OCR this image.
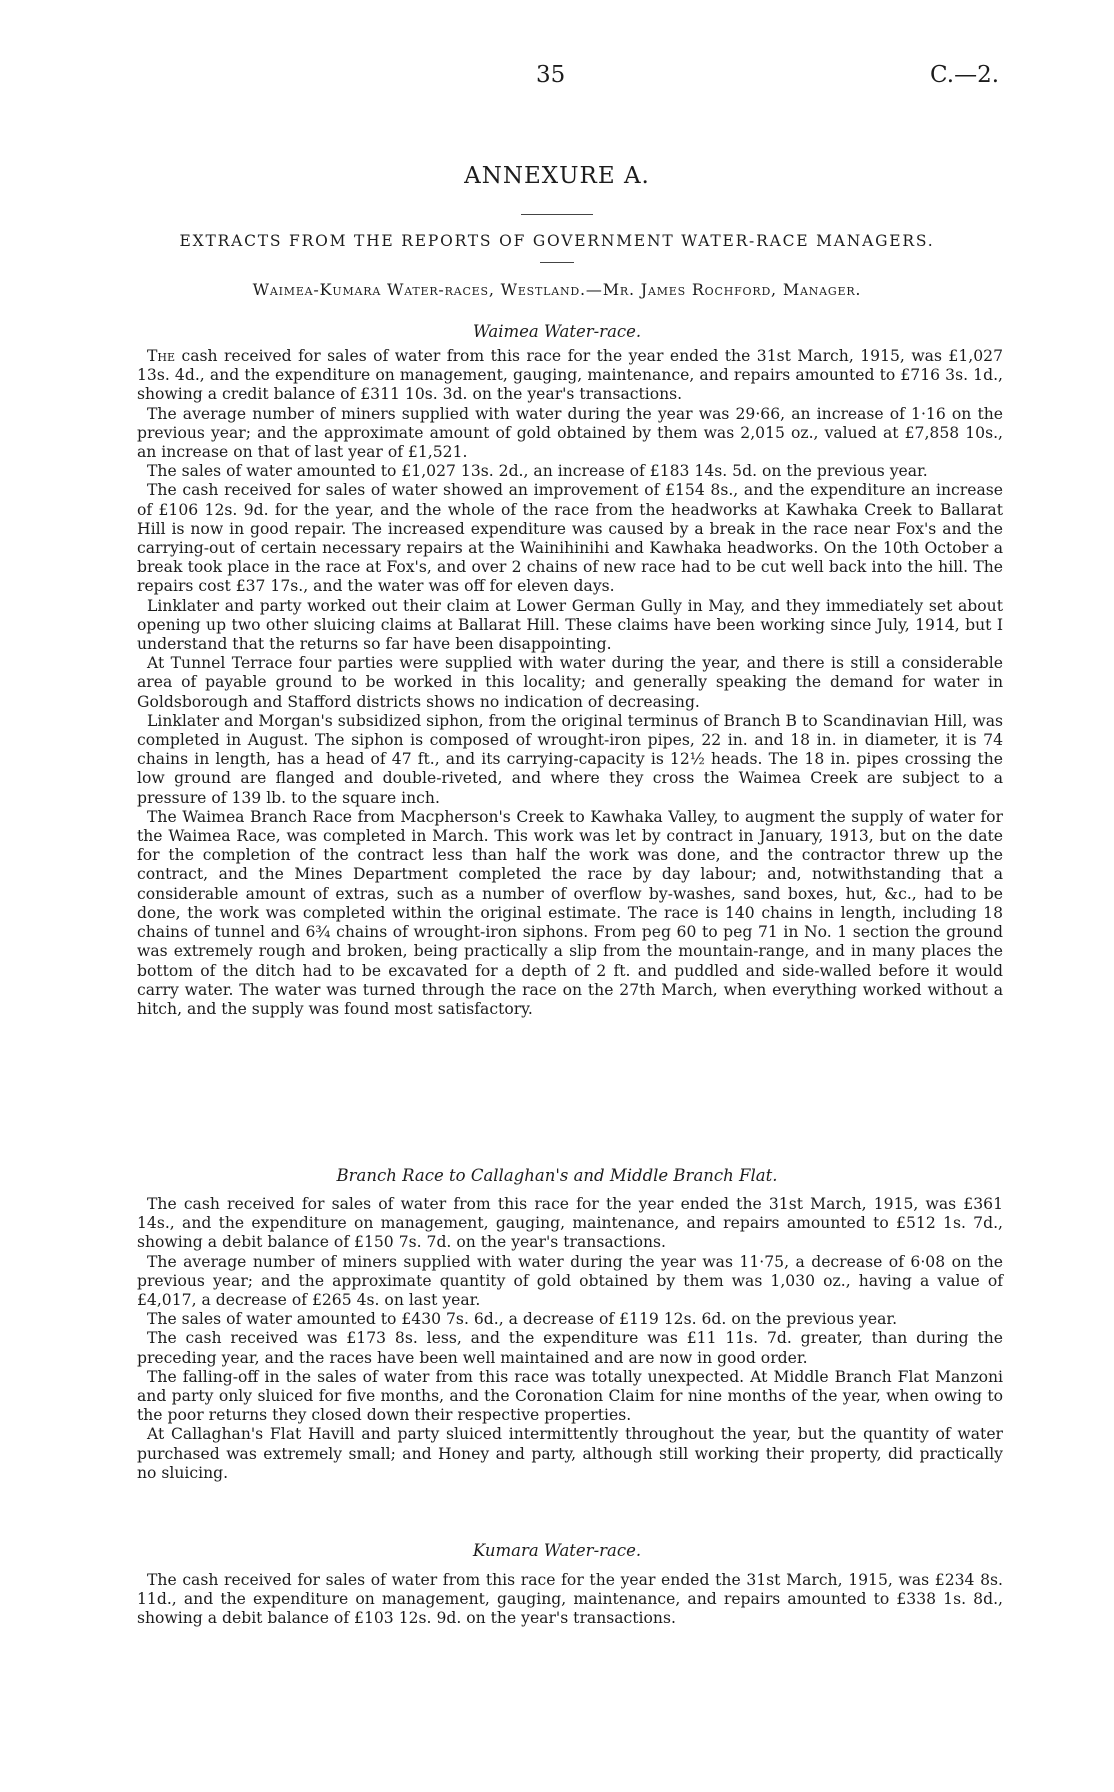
35	C.—2.
ANNEXURE A.
EXTRACTS FROM THE REPORTS OF GOVERNMENT WATER-RACE MANAGERS.
Waimea-Kumara Water-races, Westland.—Mr. James Rochford, Manager.
Waimea Water-race.

The cash received for sales of water from this race for the year ended the 31st March, 1915, was £1,027 13s. 4d., and the expenditure on management, gauging, maintenance, and repairs amounted to £716 3s. 1d., showing a credit balance of £311 10s. 3d. on the year's transactions.

The average number of miners supplied with water during the year was 29·66, an increase of 1·16 on the previous year; and the approximate amount of gold obtained by them was 2,015 oz., valued at £7,858 10s., an increase on that of last year of £1,521.

The sales of water amounted to £1,027 13s. 2d., an increase of £183 14s. 5d. on the previous year.

The cash received for sales of water showed an improvement of £154 8s., and the expenditure an increase of £106 12s. 9d. for the year, and the whole of the race from the headworks at Kawhaka Creek to Ballarat Hill is now in good repair. The increased expenditure was caused by a break in the race near Fox's and the carrying-out of certain necessary repairs at the Wainihinihi and Kawhaka headworks. On the 10th October a break took place in the race at Fox's, and over 2 chains of new race had to be cut well back into the hill. The repairs cost £37 17s., and the water was off for eleven days.

Linklater and party worked out their claim at Lower German Gully in May, and they immediately set about opening up two other sluicing claims at Ballarat Hill. These claims have been working since July, 1914, but I understand that the returns so far have been disappointing.

At Tunnel Terrace four parties were supplied with water during the year, and there is still a considerable area of payable ground to be worked in this locality; and generally speaking the demand for water in Goldsborough and Stafford districts shows no indication of decreasing.

Linklater and Morgan's subsidized siphon, from the original terminus of Branch B to Scandinavian Hill, was completed in August. The siphon is composed of wrought-iron pipes, 22 in. and 18 in. in diameter, it is 74 chains in length, has a head of 47 ft., and its carrying-capacity is 12½ heads. The 18 in. pipes crossing the low ground are flanged and double-riveted, and where they cross the Waimea Creek are subject to a pressure of 139 lb. to the square inch.

The Waimea Branch Race from Macpherson's Creek to Kawhaka Valley, to augment the supply of water for the Waimea Race, was completed in March. This work was let by contract in January, 1913, but on the date for the completion of the contract less than half the work was done, and the contractor threw up the contract, and the Mines Department completed the race by day labour; and, notwithstanding that a considerable amount of extras, such as a number of overflow by-washes, sand boxes, hut, &c., had to be done, the work was completed within the original estimate. The race is 140 chains in length, including 18 chains of tunnel and 6¾ chains of wrought-iron siphons. From peg 60 to peg 71 in No. 1 section the ground was extremely rough and broken, being practically a slip from the mountain-range, and in many places the bottom of the ditch had to be excavated for a depth of 2 ft. and puddled and side-walled before it would carry water. The water was turned through the race on the 27th March, when everything worked without a hitch, and the supply was found most satisfactory.

Branch Race to Callaghan's and Middle Branch Flat.

The cash received for sales of water from this race for the year ended the 31st March, 1915, was £361 14s., and the expenditure on management, gauging, maintenance, and repairs amounted to £512 1s. 7d., showing a debit balance of £150 7s. 7d. on the year's transactions.

The average number of miners supplied with water during the year was 11·75, a decrease of 6·08 on the previous year; and the approximate quantity of gold obtained by them was 1,030 oz., having a value of £4,017, a decrease of £265 4s. on last year.

The sales of water amounted to £430 7s. 6d., a decrease of £119 12s. 6d. on the previous year.

The cash received was £173 8s. less, and the expenditure was £11 11s. 7d. greater, than during the preceding year, and the races have been well maintained and are now in good order.

The falling-off in the sales of water from this race was totally unexpected. At Middle Branch Flat Manzoni and party only sluiced for five months, and the Coronation Claim for nine months of the year, when owing to the poor returns they closed down their respective properties.

At Callaghan's Flat Havill and party sluiced intermittently throughout the year, but the quantity of water purchased was extremely small; and Honey and party, although still working their property, did practically no sluicing.

Kumara Water-race.

The cash received for sales of water from this race for the year ended the 31st March, 1915, was £234 8s. 11d., and the expenditure on management, gauging, maintenance, and repairs amounted to £338 1s. 8d., showing a debit balance of £103 12s. 9d. on the year's transactions.
